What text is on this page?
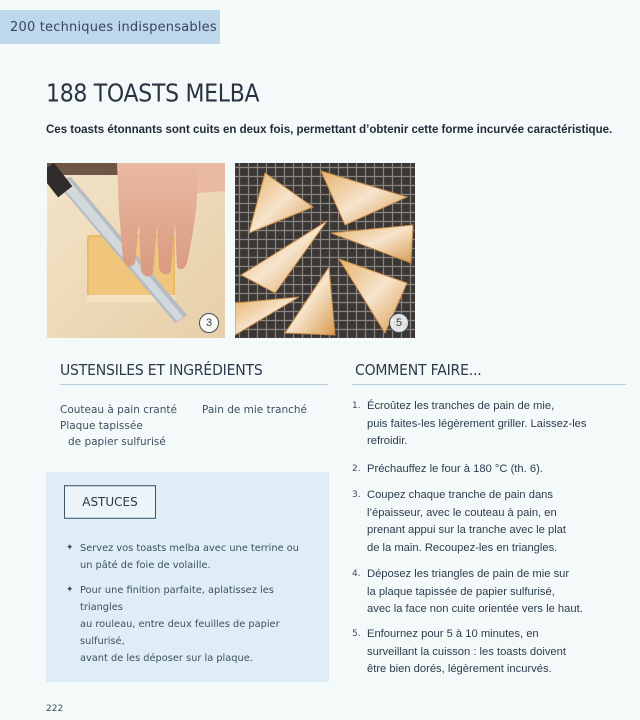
200 techniques indispensables
188 TOASTS MELBA

Ces toasts étonnants sont cuits en deux fois, permettant d’obtenir cette forme incurvée caractéristique.

3	5
USTENSILES ET INGRÉDIENTS
Couteau à pain cranté
Plaque tapissée
de papier sulfurisé
Pain de mie tranché
ASTUCES
✦ Servez vos toasts melba avec une terrine ou
un pâté de foie de volaille.
✦ Pour une finition parfaite, aplatissez les triangles
au rouleau, entre deux feuilles de papier sulfurisé,
avant de les déposer sur la plaque.
COMMENT FAIRE...
1. Écroûtez les tranches de pain de mie,
puis faites-les légèrement griller. Laissez-les
refroidir.
2. Préchauffez le four à 180 °C (th. 6).
3. Coupez chaque tranche de pain dans
l’épaisseur, avec le couteau à pain, en
prenant appui sur la tranche avec le plat
de la main. Recoupez-les en triangles.
4. Déposez les triangles de pain de mie sur
la plaque tapissée de papier sulfurisé,
avec la face non cuite orientée vers le haut.
5. Enfournez pour 5 à 10 minutes, en
surveillant la cuisson : les toasts doivent
être bien dorés, légèrement incurvés.
222
